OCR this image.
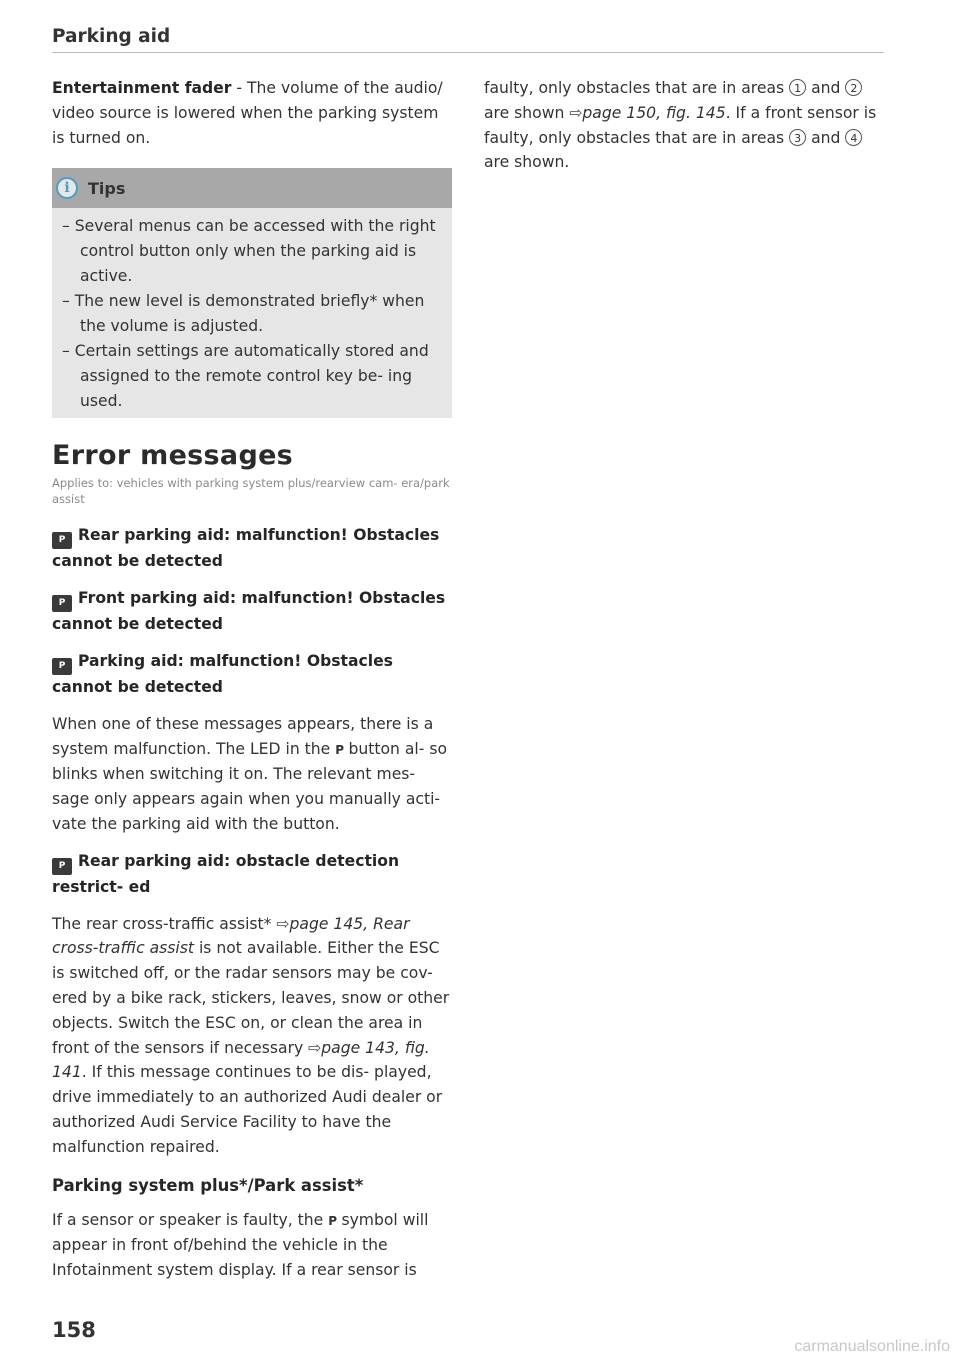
Parking aid

Entertainment fader - The volume of the audio/ video source is lowered when the parking system is turned on.

i	Tips
– Several menus can be accessed with the right control button only when the parking aid is active.
– The new level is demonstrated briefly* when the volume is adjusted.
– Certain settings are automatically stored and assigned to the remote control key be- ing used.
Error messages

Applies to: vehicles with parking system plus/rearview cam- era/park assist

P Rear parking aid: malfunction! Obstacles cannot be detected

P Front parking aid: malfunction! Obstacles cannot be detected

P Parking aid: malfunction! Obstacles cannot be detected

When one of these messages appears, there is a system malfunction. The LED in the P button al- so blinks when switching it on. The relevant mes- sage only appears again when you manually acti- vate the parking aid with the button.

P Rear parking aid: obstacle detection restrict- ed

The rear cross-traffic assist* ⇨page 145, Rear cross-traffic assist is not available. Either the ESC is switched off, or the radar sensors may be cov- ered by a bike rack, stickers, leaves, snow or other objects. Switch the ESC on, or clean the area in front of the sensors if necessary ⇨page 143, fig. 141. If this message continues to be dis- played, drive immediately to an authorized Audi dealer or authorized Audi Service Facility to have the malfunction repaired.

Parking system plus*/Park assist*

If a sensor or speaker is faulty, the P symbol will appear in front of/behind the vehicle in the Infotainment system display. If a rear sensor is

faulty, only obstacles that are in areas 1 and 2 are shown ⇨page 150, fig. 145. If a front sensor is faulty, only obstacles that are in areas 3 and 4 are shown.

158
carmanualsonline.info
